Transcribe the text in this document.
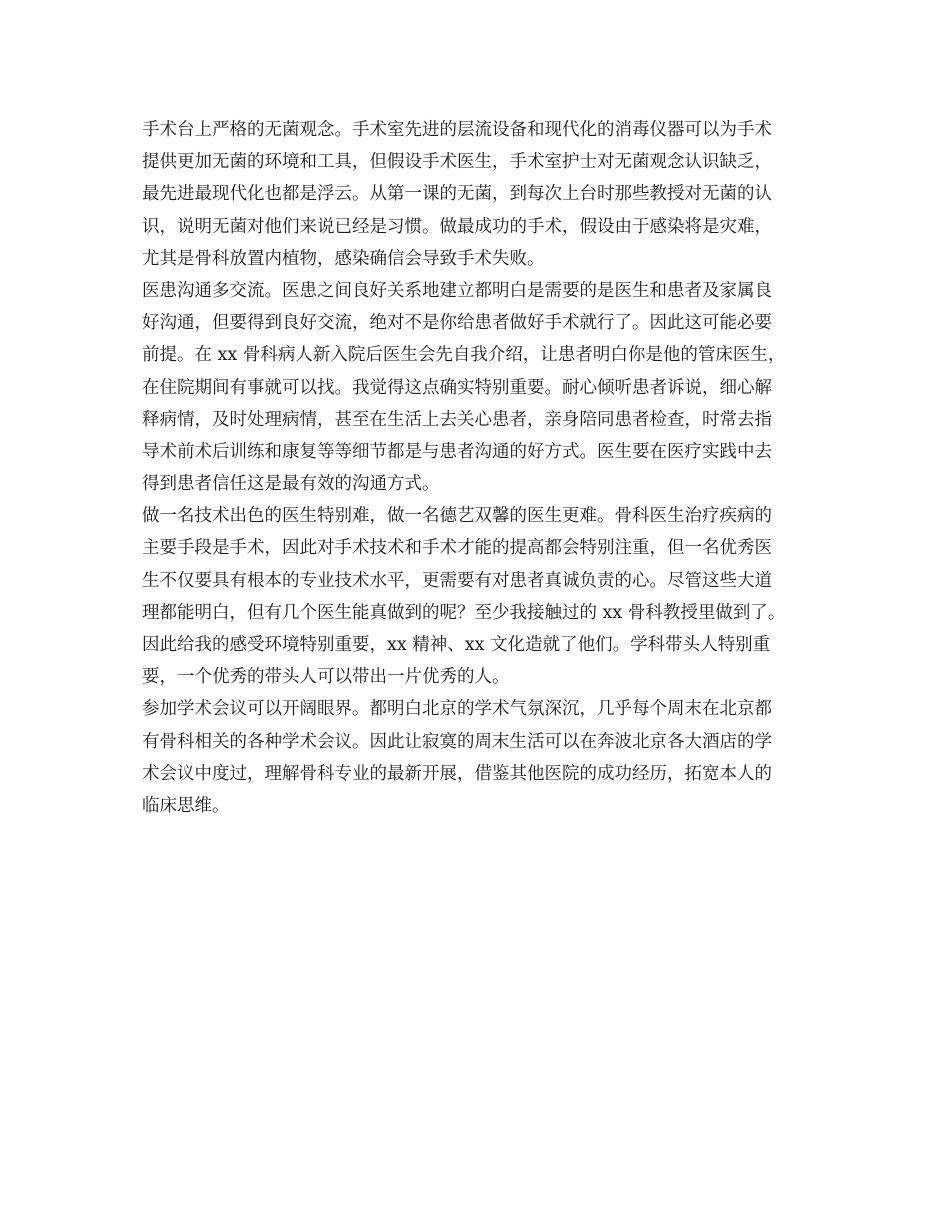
手术台上严格的无菌观念。手术室先进的层流设备和现代化的消毒仪器可以为手术
提供更加无菌的环境和工具，但假设手术医生，手术室护士对无菌观念认识缺乏，
最先进最现代化也都是浮云。从第一课的无菌，到每次上台时那些教授对无菌的认
识，说明无菌对他们来说已经是习惯。做最成功的手术，假设由于感染将是灾难，
尤其是骨科放置内植物，感染确信会导致手术失败。
医患沟通多交流。医患之间良好关系地建立都明白是需要的是医生和患者及家属良
好沟通，但要得到良好交流，绝对不是你给患者做好手术就行了。因此这可能必要
前提。在 xx 骨科病人新入院后医生会先自我介绍，让患者明白你是他的管床医生，
在住院期间有事就可以找。我觉得这点确实特别重要。耐心倾听患者诉说，细心解
释病情，及时处理病情，甚至在生活上去关心患者，亲身陪同患者检查，时常去指
导术前术后训练和康复等等细节都是与患者沟通的好方式。医生要在医疗实践中去
得到患者信任这是最有效的沟通方式。
做一名技术出色的医生特别难，做一名德艺双馨的医生更难。骨科医生治疗疾病的
主要手段是手术，因此对手术技术和手术才能的提高都会特别注重，但一名优秀医
生不仅要具有根本的专业技术水平，更需要有对患者真诚负责的心。尽管这些大道
理都能明白，但有几个医生能真做到的呢？至少我接触过的 xx 骨科教授里做到了。
因此给我的感受环境特别重要，xx 精神、xx 文化造就了他们。学科带头人特别重
要，一个优秀的带头人可以带出一片优秀的人。
参加学术会议可以开阔眼界。都明白北京的学术气氛深沉，几乎每个周末在北京都
有骨科相关的各种学术会议。因此让寂寞的周末生活可以在奔波北京各大酒店的学
术会议中度过，理解骨科专业的最新开展，借鉴其他医院的成功经历，拓宽本人的
临床思维。
